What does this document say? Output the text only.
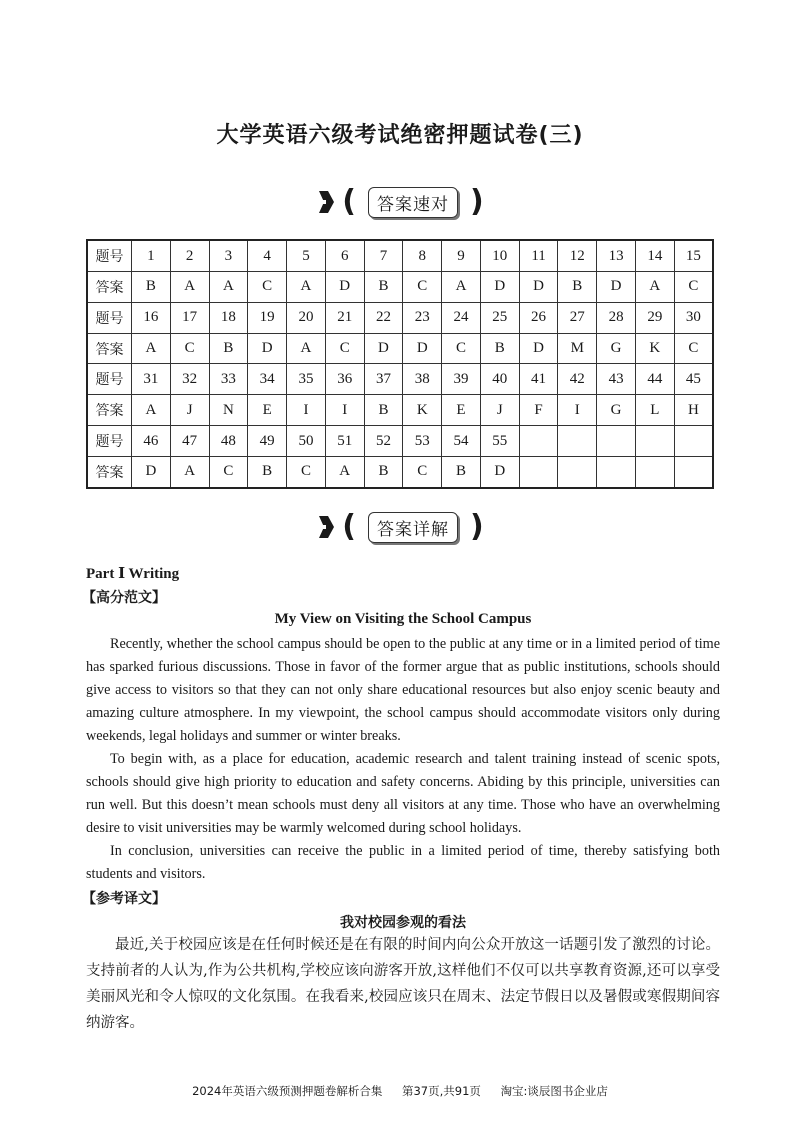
大学英语六级考试绝密押题试卷(三)
(	答案速对 )
题号	1	2	3	4	5	6	7	8	9	10	11	12	13	14	15
答案	B	A	A	C	A	D	B	C	A	D	D	B	D	A	C
题号	16	17	18	19	20	21	22	23	24	25	26	27	28	29	30
答案	A	C	B	D	A	C	D	D	C	B	D	M	G	K	C
题号	31	32	33	34	35	36	37	38	39	40	41	42	43	44	45
答案	A	J	N	E	I	I	B	K	E	J	F	I	G	L	H
题号	46	47	48	49	50	51	52	53	54	55					
答案	D	A	C	B	C	A	B	C	B	D					
(	答案详解 )
Part Ⅰ Writing
【高分范文】
My View on Visiting the School Campus

Recently, whether the school campus should be open to the public at any time or in a limited period of time has sparked furious discussions. Those in favor of the former argue that as public institutions, schools should give access to visitors so that they can not only share educational resources but also enjoy scenic beauty and amazing culture atmosphere. In my viewpoint, the school campus should accommodate visitors only during weekends, legal holidays and summer or winter breaks.

To begin with, as a place for education, academic research and talent training instead of scenic spots, schools should give high priority to education and safety concerns. Abiding by this principle, universities can run well. But this doesn’t mean schools must deny all visitors at any time. Those who have an overwhelming desire to visit universities may be warmly welcomed during school holidays.

In conclusion, universities can receive the public in a limited period of time, thereby satisfying both students and visitors.

【参考译文】
我对校园参观的看法

最近,关于校园应该是在任何时候还是在有限的时间内向公众开放这一话题引发了激烈的讨论。支持前者的人认为,作为公共机构,学校应该向游客开放,这样他们不仅可以共享教育资源,还可以享受美丽风光和令人惊叹的文化氛围。在我看来,校园应该只在周末、法定节假日以及暑假或寒假期间容纳游客。

2024年英语六级预测押题卷解析合集 第37页,共91页 淘宝:谈辰图书企业店
